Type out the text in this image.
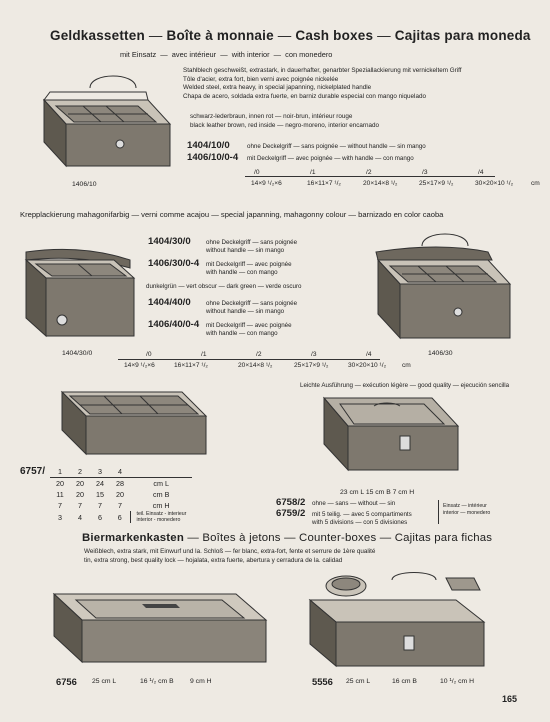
Geldkassetten — Boîte à monnaie — Cash boxes — Cajitas para moneda
mit Einsatz  —  avec intérieur  —  with interior  —  con monedero
Stahlblech geschweißt, extrastark, in dauerhafter, genarbter Speziallackierung mit vernickeltem Griff
Tôle d'acier, extra fort, bien verni avec poignée nickelée
Welded steel, extra heavy, in special japanning, nickelplated handle
Chapa de acero, soldada extra fuerte, en barniz durable especial con mango niquelado
schwarz-lederbraun, innen rot — noir-brun, intérieur rouge
black leather brown, red inside — negro-moreno, interior encarnado
1404/10/0	ohne Deckelgriff — sans poignée — without handle — sin mango
1406/10/0-4	mit Deckelgriff — avec poignée — with handle — con mango
/0	/1	/2	/3	/4
14×9 ¹/₂×6	16×11×7 ¹/₂	20×14×8 ¹/₂	25×17×9 ¹/₂	30×20×10 ¹/₂	cm
1406/10
Krepplackierung mahagonifarbig — verni comme acajou — special japanning, mahagonny colour — barnizado en color caoba
1404/30/0	ohne Deckelgriff — sans poignée
without handle — sin mango
1406/30/0-4	mit Deckelgriff — avec poignée
with handle — con mango
dunkelgrün — vert obscur — dark green — verde oscuro
1404/40/0	ohne Deckelgriff — sans poignée
without handle — sin mango
1406/40/0-4	mit Deckelgriff — avec poignée
with handle — con mango
1404/30/0	1406/30
/0	/1	/2	/3	/4
14×9 ¹/₂×6	16×11×7 ¹/₂	20×14×8 ¹/₂	25×17×9 ¹/₂	30×20×10 ¹/₂ cm
Leichte Ausführung — exécution légère — good quality — ejecución sencilla
6757/ 1	2	3	4	
20	20	24	28	cm L
11	20	15	20	cm B
7	7	7	7	cm H
3	4	6	6	teil. Einsatz - interieur
interior - monedero
23 cm L 15 cm B 7 cm H
6758/2	ohne — sans — without — sin
6759/2	mit 5 teilig. — avec 5 compartiments
with 5 divisions — con 5 divisiones
Einsatz — intérieur
interior — monedero
Biermarkenkasten — Boîtes à jetons — Counter-boxes — Cajitas para fichas
Weißblech, extra stark, mit Einwurf und la. Schloß — fer blanc, extra-fort, fente et serrure de 1ère qualité
tin, extra strong, best quality lock — hojalata, extra fuerte, abertura y cerradura de la. calidad
6756 25 cm L	16 ¹/₂ cm B 9 cm H	5556 25 cm L	16 cm B	10 ¹/₂ cm H
165
